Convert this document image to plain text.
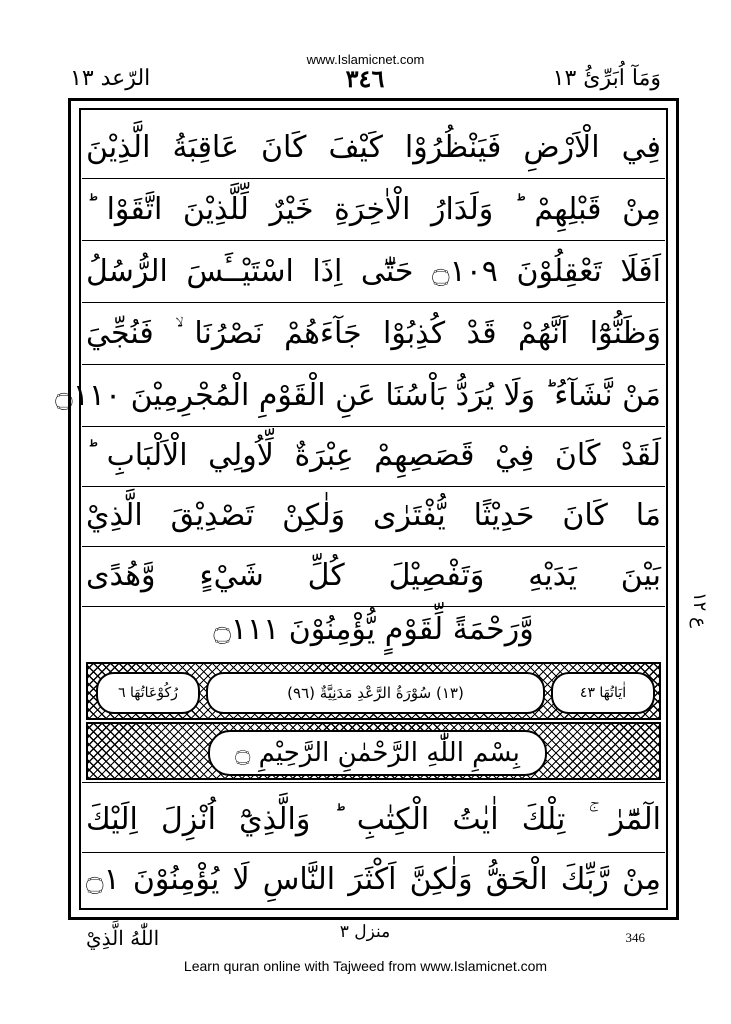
www.Islamicnet.com
الرّعد ١٣	٣٤٦	وَمَآ اُبَرِّئُ ١٣
فِي الْاَرْضِ فَيَنْظُرُوْا كَيْفَ كَانَ عَاقِبَةُ الَّذِيْنَ
مِنْ قَبْلِهِمْ ؕ وَلَدَارُ الْاٰخِرَةِ خَيْرٌ لِّلَّذِيْنَ اتَّقَوْا ؕ
اَفَلَا تَعْقِلُوْنَ ۝١٠٩ حَتّٰٓى اِذَا اسْتَيْــَٔسَ الرُّسُلُ
وَظَنُّوْٓا اَنَّهُمْ قَدْ كُذِبُوْا جَآءَهُمْ نَصْرُنَا ۙ فَنُجِّيَ
مَنْ نَّشَآءُ ؕ وَلَا يُرَدُّ بَاْسُنَا عَنِ الْقَوْمِ الْمُجْرِمِيْنَ ۝١١٠
لَقَدْ كَانَ فِيْ قَصَصِهِمْ عِبْرَةٌ لِّاُولِي الْاَلْبَابِ ؕ
مَا كَانَ حَدِيْثًا يُّفْتَرٰى وَلٰكِنْ تَصْدِيْقَ الَّذِيْ
بَيْنَ يَدَيْهِ وَتَفْصِيْلَ كُلِّ شَيْءٍ وَّهُدًى
وَّرَحْمَةً لِّقَوْمٍ يُّؤْمِنُوْنَ ۝١١١
ع ١٢
رُكُوْعَاتُهَا ٦	(١٣) سُوْرَةُ الرَّعْدِ مَدَنِيَّةٌ (٩٦)	اٰيَاتُهَا ٤٣
بِسْمِ اللّٰهِ الرَّحْمٰنِ الرَّحِيْمِ ۝
الٓمّٓرٰ ۚ تِلْكَ اٰيٰتُ الْكِتٰبِ ؕ وَالَّذِيْٓ اُنْزِلَ اِلَيْكَ
مِنْ رَّبِّكَ الْحَقُّ وَلٰكِنَّ اَكْثَرَ النَّاسِ لَا يُؤْمِنُوْنَ ۝١
اللّٰهُ الَّذِيْ	منزل ٣	346
Learn quran online with Tajweed from www.Islamicnet.com
